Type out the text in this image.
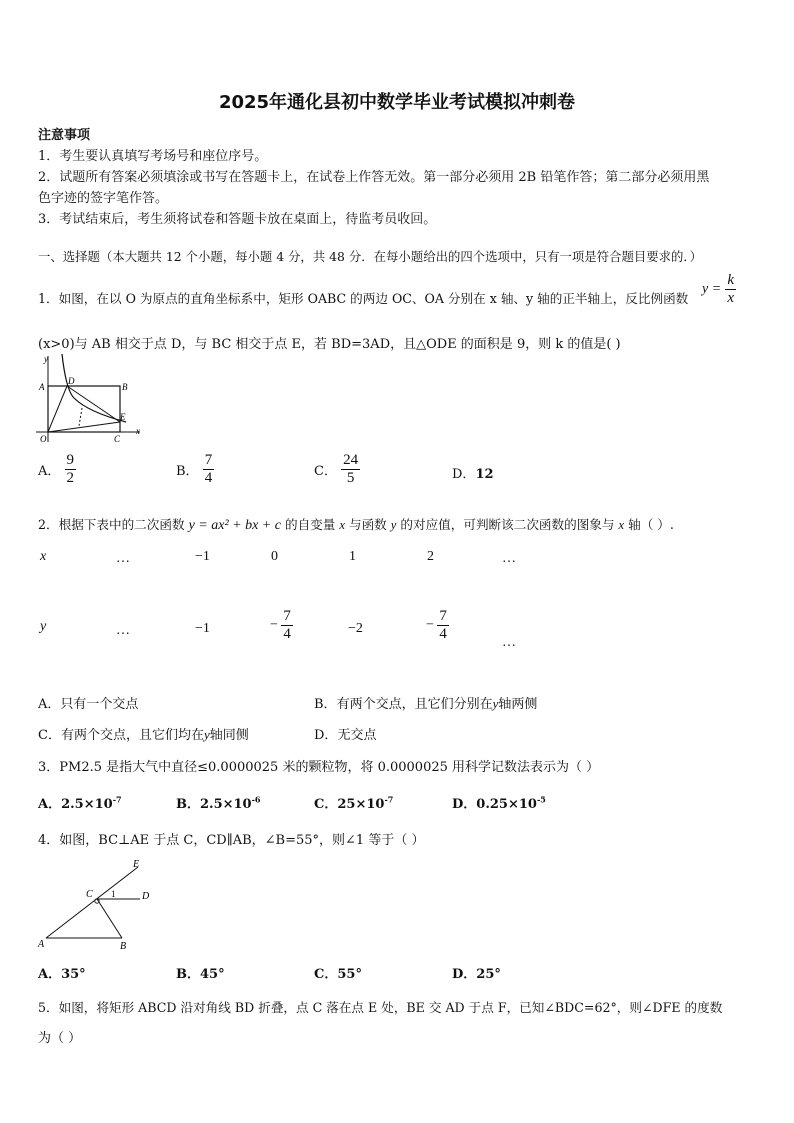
2025年通化县初中数学毕业考试模拟冲刺卷
注意事项
1．考生要认真填写考场号和座位序号。
2．试题所有答案必须填涂或书写在答题卡上，在试卷上作答无效。第一部分必须用 2B 铅笔作答；第二部分必须用黑
色字迹的签字笔作答。
3．考试结束后，考生须将试卷和答题卡放在桌面上，待监考员收回。
一、选择题（本大题共 12 个小题，每小题 4 分，共 48 分．在每小题给出的四个选项中，只有一项是符合题目要求的．）
1．如图，在以 O 为原点的直角坐标系中，矩形 OABC 的两边 OC、OA 分别在 x 轴、y 轴的正半轴上，反比例函数
$y = \frac{k}{x}$
(x>0)与 AB 相交于点 D，与 BC 相交于点 E，若 BD=3AD，且△ODE 的面积是 9，则 k 的值是( )
y
A
D
B
E
O	C
x
A． $\frac{9}{2}$	B． $\frac{7}{4}$	C． $\frac{24}{5}$	D．12
2．根据下表中的二次函数 y = ax² + bx + c 的自变量 x 与函数 y 的对应值，可判断该二次函数的图象与 x 轴（ ）.
x	…	−1	0	1	2	…
y	…	−1	− $\frac{7}{4}$	−2	− $\frac{7}{4}$	…
A．只有一个交点	B．有两个交点，且它们分别在y轴两侧
C．有两个交点，且它们均在y轴同侧	D．无交点
3．PM2.5 是指大气中直径≤0.0000025 米的颗粒物，将 0.0000025 用科学记数法表示为（ ）
A．$2.5\times 10^{-7}$	B．$2.5\times 10^{-6}$	C．$25\times 10^{-7}$	D．$0.25\times 10^{-5}$
4．如图，BC⊥AE 于点 C，CD∥AB，∠B=55°，则∠1 等于（ ）
E
C 1	D
A	B
A．35°	B．45°	C．55°	D．25°
5．如图，将矩形 ABCD 沿对角线 BD 折叠，点 C 落在点 E 处，BE 交 AD 于点 F，已知∠BDC=62°，则∠DFE 的度数
为（ ）
